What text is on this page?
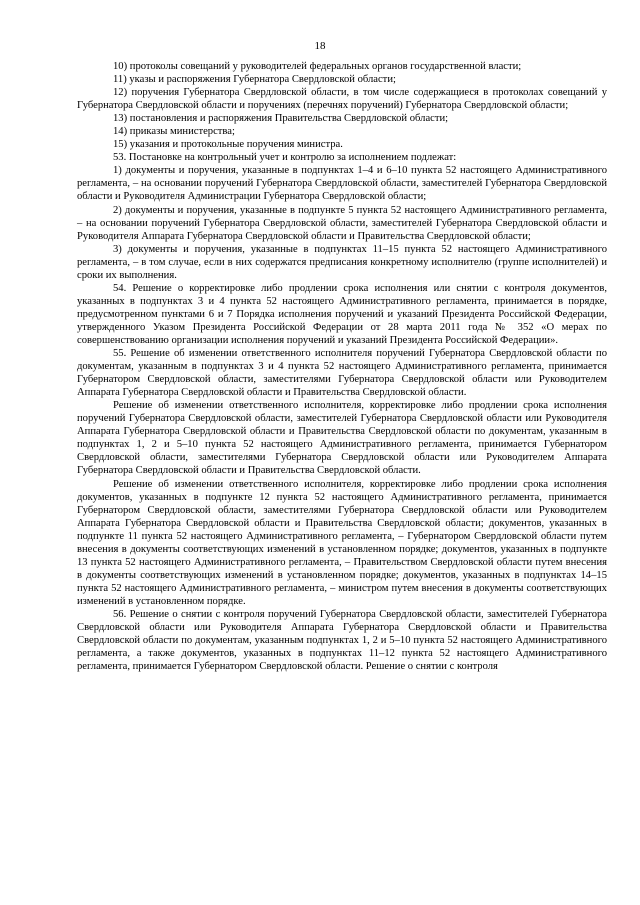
18

10) протоколы совещаний у руководителей федеральных органов государственной власти;

11) указы и распоряжения Губернатора Свердловской области;

12) поручения Губернатора Свердловской области, в том числе содержащиеся в протоколах совещаний у Губернатора Свердловской области и поручениях (перечнях поручений) Губернатора Свердловской области;

13) постановления и распоряжения Правительства Свердловской области;

14) приказы министерства;

15) указания и протокольные поручения министра.

53. Постановке на контрольный учет и контролю за исполнением подлежат:

1) документы и поручения, указанные в подпунктах 1–4 и 6–10 пункта 52 настоящего Административного регламента, – на основании поручений Губернатора Свердловской области, заместителей Губернатора Свердловской области и Руководителя Администрации Губернатора Свердловской области;

2) документы и поручения, указанные в подпункте 5 пункта 52 настоящего Административного регламента, – на основании поручений Губернатора Свердловской области, заместителей Губернатора Свердловской области и Руководителя Аппарата Губернатора Свердловской области и Правительства Свердловской области;

3) документы и поручения, указанные в подпунктах 11–15 пункта 52 настоящего Административного регламента, – в том случае, если в них содержатся предписания конкретному исполнителю (группе исполнителей) и сроки их выполнения.

54. Решение о корректировке либо продлении срока исполнения или снятии с контроля документов, указанных в подпунктах 3 и 4 пункта 52 настоящего Административного регламента, принимается в порядке, предусмотренном пунктами 6 и 7 Порядка исполнения поручений и указаний Президента Российской Федерации, утвержденного Указом Президента Российской Федерации от 28 марта 2011 года № 352 «О мерах по совершенствованию организации исполнения поручений и указаний Президента Российской Федерации».

55. Решение об изменении ответственного исполнителя поручений Губернатора Свердловской области по документам, указанным в подпунктах 3 и 4 пункта 52 настоящего Административного регламента, принимается Губернатором Свердловской области, заместителями Губернатора Свердловской области или Руководителем Аппарата Губернатора Свердловской области и Правительства Свердловской области.

Решение об изменении ответственного исполнителя, корректировке либо продлении срока исполнения поручений Губернатора Свердловской области, заместителей Губернатора Свердловской области или Руководителя Аппарата Губернатора Свердловской области и Правительства Свердловской области по документам, указанным в подпунктах 1, 2 и 5–10 пункта 52 настоящего Административного регламента, принимается Губернатором Свердловской области, заместителями Губернатора Свердловской области или Руководителем Аппарата Губернатора Свердловской области и Правительства Свердловской области.

Решение об изменении ответственного исполнителя, корректировке либо продлении срока исполнения документов, указанных в подпункте 12 пункта 52 настоящего Административного регламента, принимается Губернатором Свердловской области, заместителями Губернатора Свердловской области или Руководителем Аппарата Губернатора Свердловской области и Правительства Свердловской области; документов, указанных в подпункте 11 пункта 52 настоящего Административного регламента, – Губернатором Свердловской области путем внесения в документы соответствующих изменений в установленном порядке; документов, указанных в подпункте 13 пункта 52 настоящего Административного регламента, – Правительством Свердловской области путем внесения в документы соответствующих изменений в установленном порядке; документов, указанных в подпунктах 14–15 пункта 52 настоящего Административного регламента, – министром путем внесения в документы соответствующих изменений в установленном порядке.

56. Решение о снятии с контроля поручений Губернатора Свердловской области, заместителей Губернатора Свердловской области или Руководителя Аппарата Губернатора Свердловской области и Правительства Свердловской области по документам, указанным подпунктах 1, 2 и 5–10 пункта 52 настоящего Административного регламента, а также документов, указанных в подпунктах 11–12 пункта 52 настоящего Административного регламента, принимается Губернатором Свердловской области. Решение о снятии с контроля
